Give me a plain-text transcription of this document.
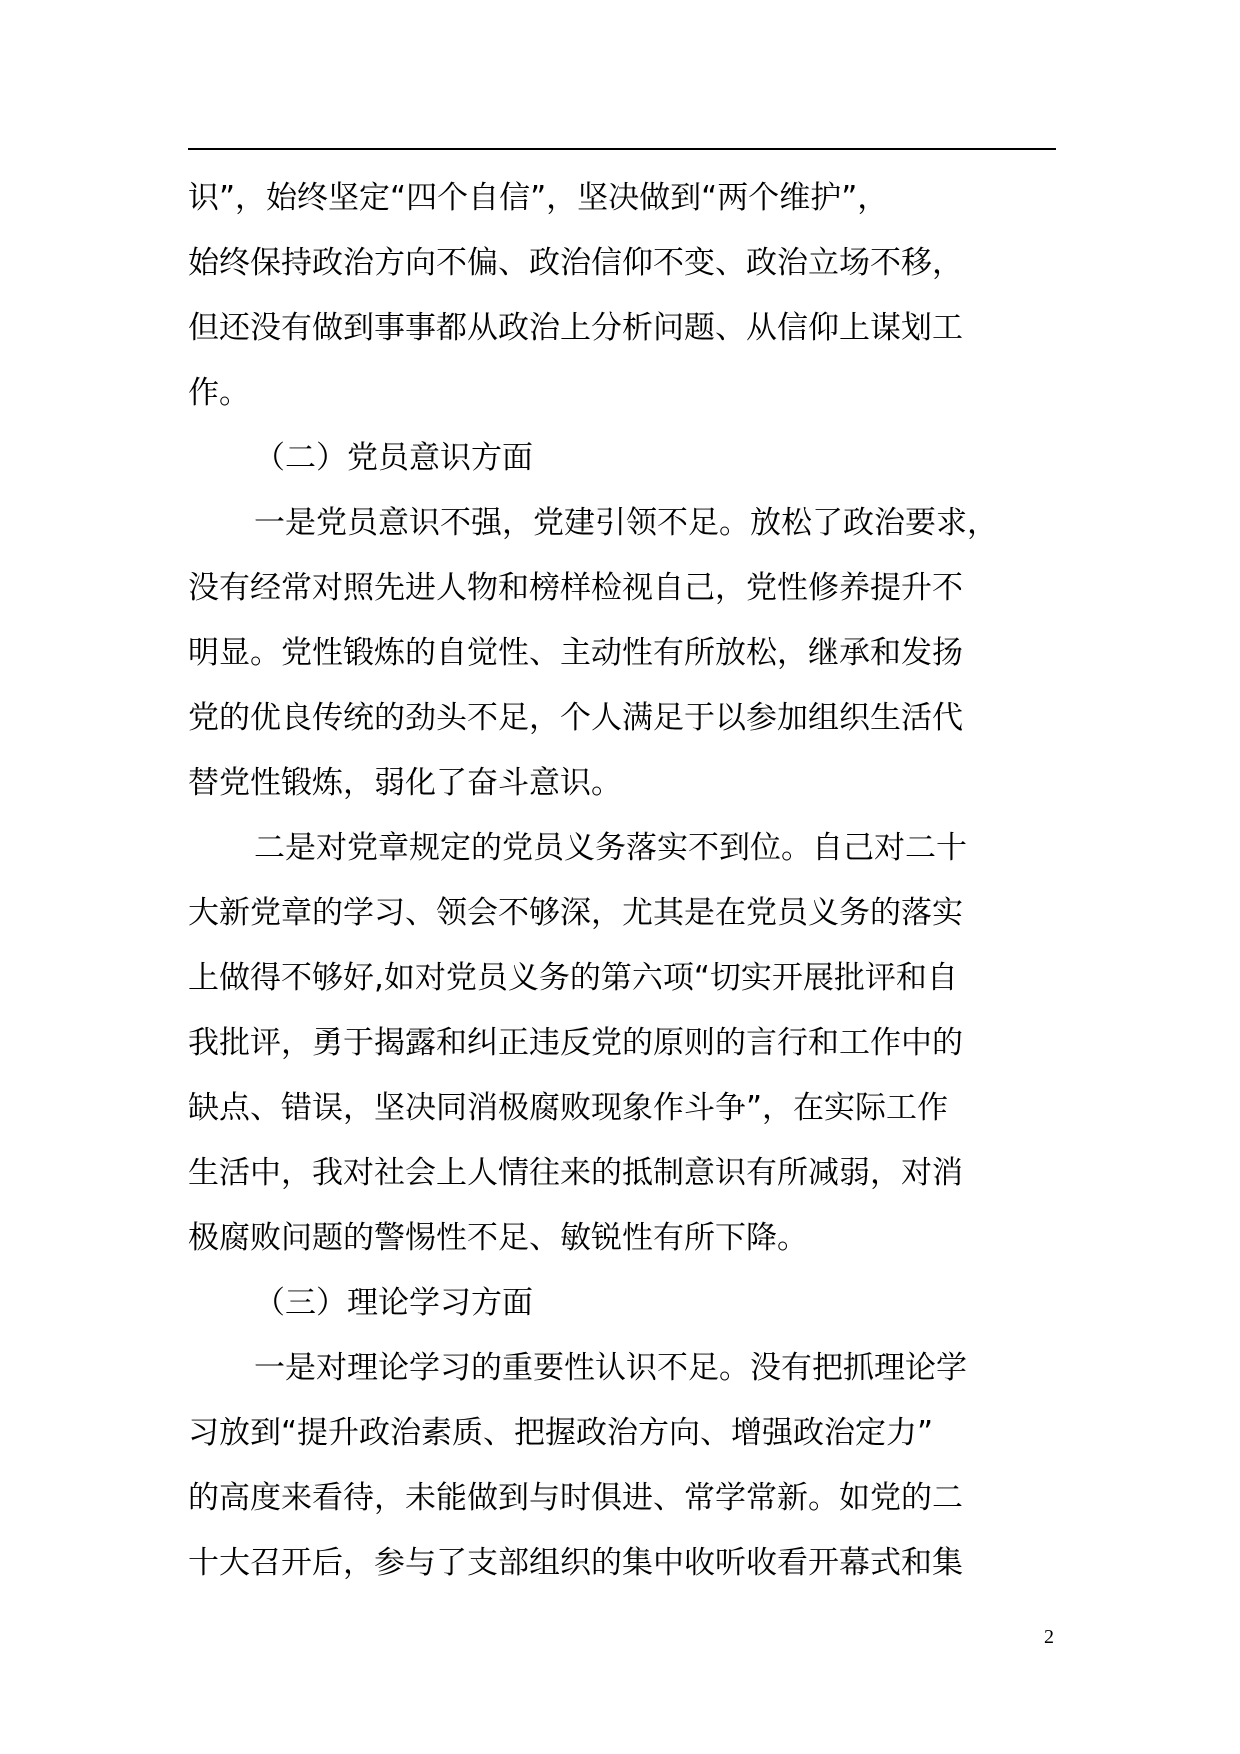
识”，始终坚定“四个自信”，坚决做到“两个维护”，
始终保持政治方向不偏、政治信仰不变、政治立场不移，
但还没有做到事事都从政治上分析问题、从信仰上谋划工
作。
（二）党员意识方面
一是党员意识不强，党建引领不足。放松了政治要求，
没有经常对照先进人物和榜样检视自己，党性修养提升不
明显。党性锻炼的自觉性、主动性有所放松，继承和发扬
党的优良传统的劲头不足，个人满足于以参加组织生活代
替党性锻炼，弱化了奋斗意识。
二是对党章规定的党员义务落实不到位。自己对二十
大新党章的学习、领会不够深，尤其是在党员义务的落实
上做得不够好,如对党员义务的第六项“切实开展批评和自
我批评，勇于揭露和纠正违反党的原则的言行和工作中的
缺点、错误，坚决同消极腐败现象作斗争”，在实际工作
生活中，我对社会上人情往来的抵制意识有所减弱，对消
极腐败问题的警惕性不足、敏锐性有所下降。
（三）理论学习方面
一是对理论学习的重要性认识不足。没有把抓理论学
习放到“提升政治素质、把握政治方向、增强政治定力”
的高度来看待，未能做到与时俱进、常学常新。如党的二
十大召开后，参与了支部组织的集中收听收看开幕式和集
2
